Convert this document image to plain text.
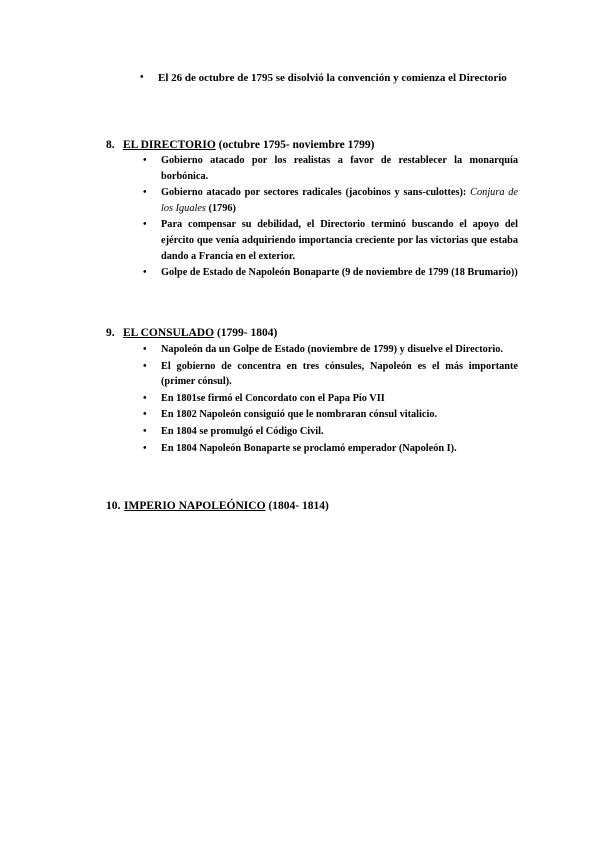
• El 26 de octubre de 1795 se disolvió la convención y comienza el Directorio
8. EL DIRECTORIO (octubre 1795- noviembre 1799)
• Gobierno atacado por los realistas a favor de restablecer la monarquía borbónica.
• Gobierno atacado por sectores radicales (jacobinos y sans-culottes): Conjura de los Iguales (1796)
• Para compensar su debilidad, el Directorio terminó buscando el apoyo del ejército que venía adquiriendo importancia creciente por las victorias que estaba dando a Francia en el exterior.
• Golpe de Estado de Napoleón Bonaparte (9 de noviembre de 1799 (18 Brumario))
9. EL CONSULADO (1799- 1804)
• Napoleón da un Golpe de Estado (noviembre de 1799) y disuelve el Directorio.
• El gobierno de concentra en tres cónsules, Napoleón es el más importante (primer cónsul).
• En 1801se firmó el Concordato con el Papa Pío VII
• En 1802 Napoleón consiguió que le nombraran cónsul vitalicio.
• En 1804 se promulgó el Código Civil.
• En 1804 Napoleón Bonaparte se proclamó emperador (Napoleón I).
10. IMPERIO NAPOLEÓNICO (1804- 1814)
